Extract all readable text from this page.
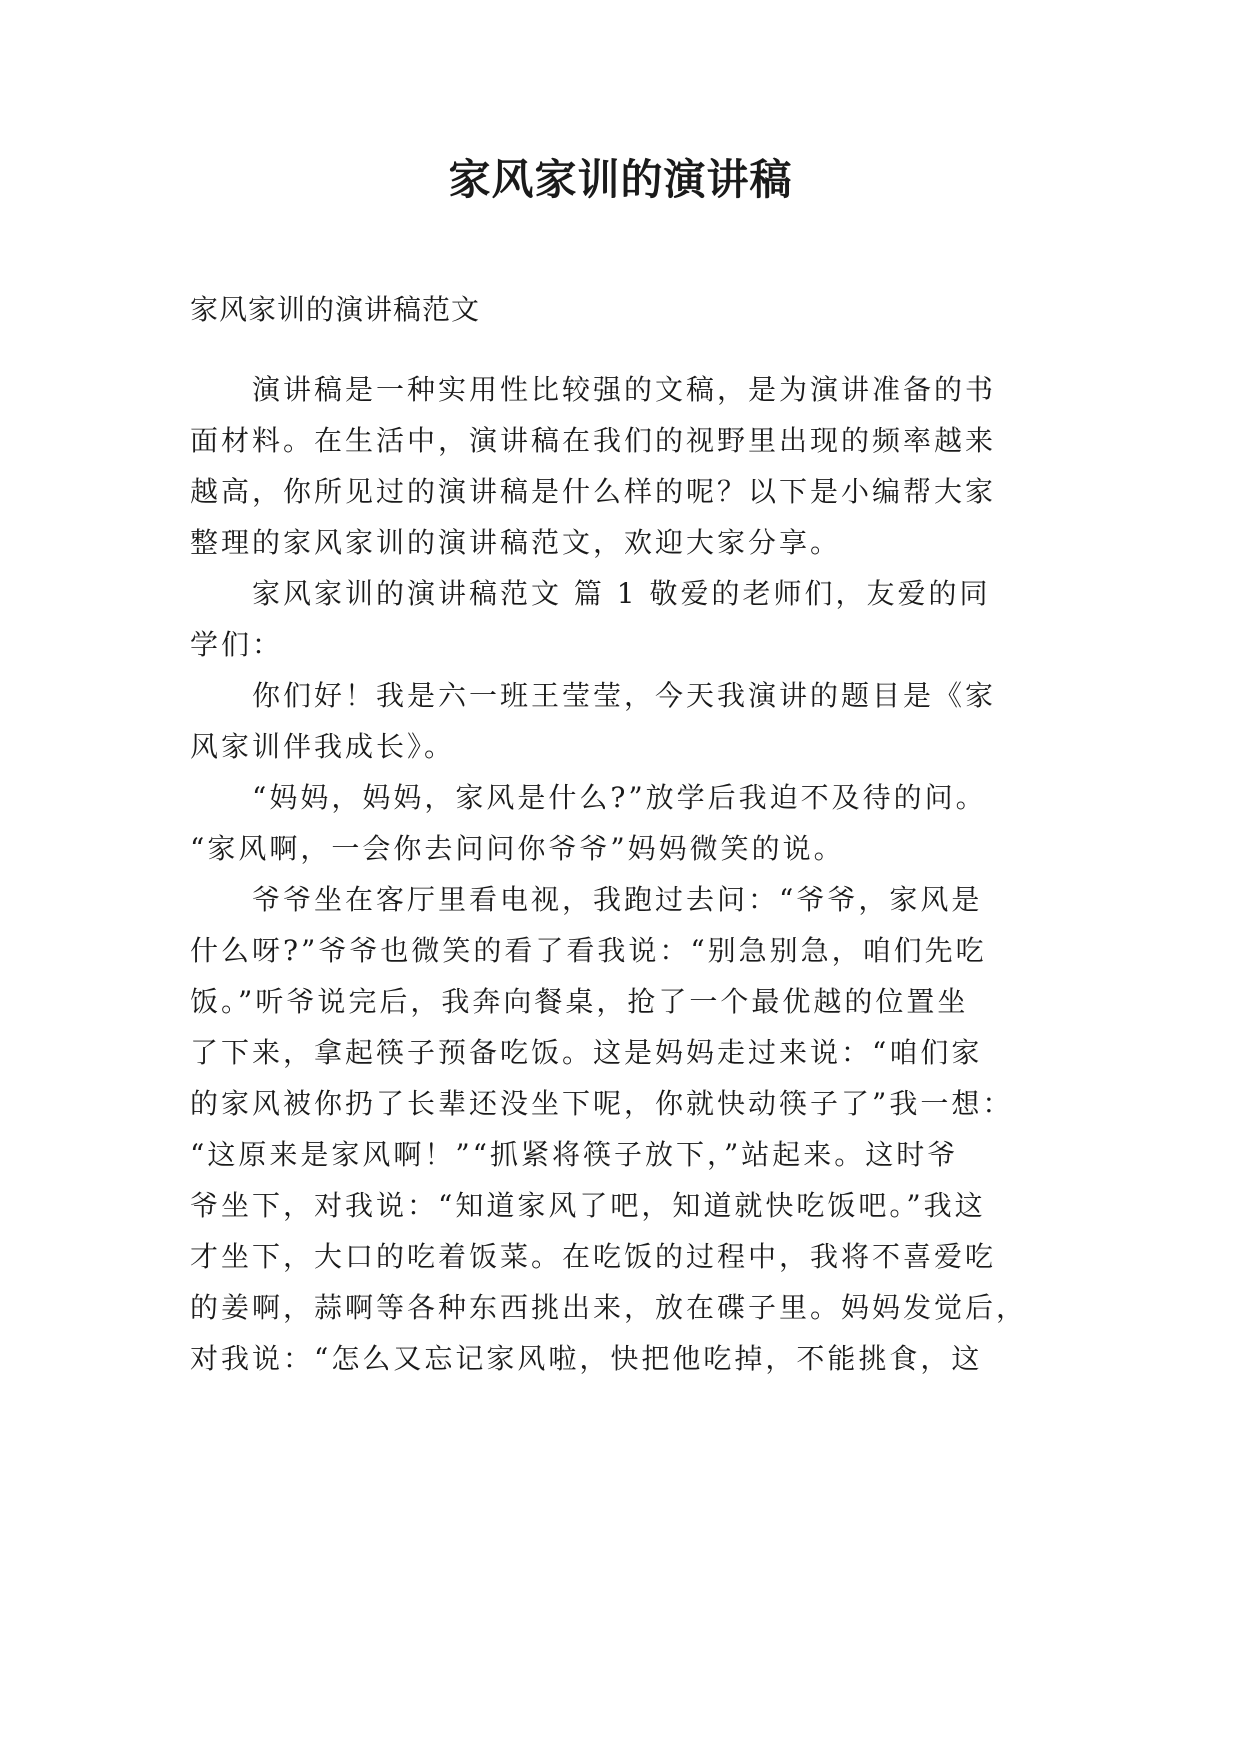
家风家训的演讲稿
家风家训的演讲稿范文
演讲稿是一种实用性比较强的文稿，是为演讲准备的书
面材料。在生活中，演讲稿在我们的视野里出现的频率越来
越高，你所见过的演讲稿是什么样的呢？以下是小编帮大家
整理的家风家训的演讲稿范文，欢迎大家分享。
家风家训的演讲稿范文 篇 1 敬爱的老师们，友爱的同
学们：
你们好！我是六一班王莹莹，今天我演讲的题目是《家
风家训伴我成长》。
“妈妈，妈妈，家风是什么?”放学后我迫不及待的问。
“家风啊，一会你去问问你爷爷”妈妈微笑的说。
爷爷坐在客厅里看电视，我跑过去问：“爷爷，家风是
什么呀?”爷爷也微笑的看了看我说：“别急别急，咱们先吃
饭。”听爷说完后，我奔向餐桌，抢了一个最优越的位置坐
了下来，拿起筷子预备吃饭。这是妈妈走过来说：“咱们家
的家风被你扔了长辈还没坐下呢，你就快动筷子了”我一想：
“这原来是家风啊！”“抓紧将筷子放下，”站起来。这时爷
爷坐下，对我说：“知道家风了吧，知道就快吃饭吧。”我这
才坐下，大口的吃着饭菜。在吃饭的过程中，我将不喜爱吃
的姜啊，蒜啊等各种东西挑出来，放在碟子里。妈妈发觉后，
对我说：“怎么又忘记家风啦，快把他吃掉，不能挑食，这
